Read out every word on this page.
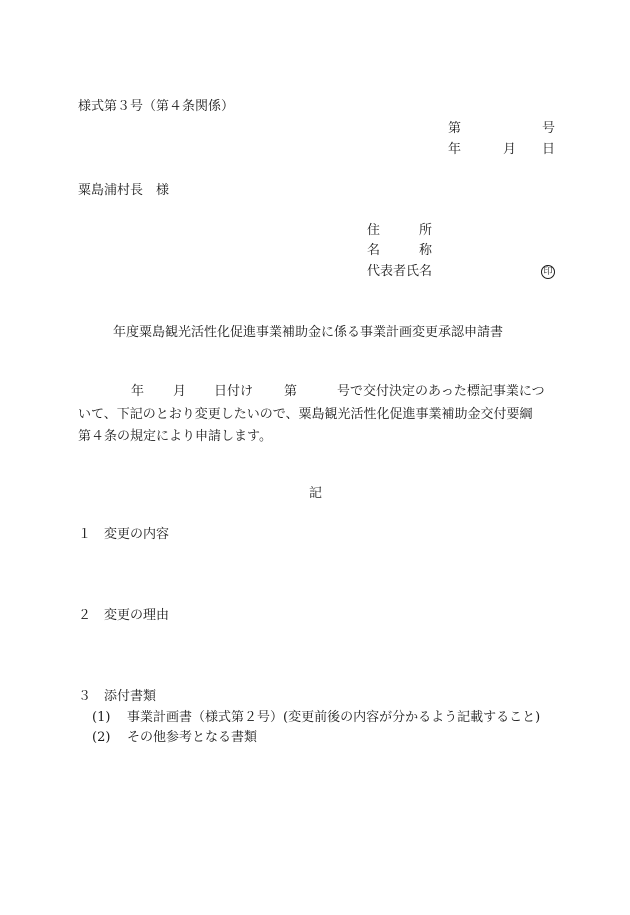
様式第３号（第４条関係）
第	号
年	月 日
粟島浦村長　様
住　　　所
名　　　称
代表者氏名	印
年度粟島観光活性化促進事業補助金に係る事業計画変更承認申請書
年 月 日付け 第	号で交付決定のあった標記事業につ
いて、下記のとおり変更したいので、粟島観光活性化促進事業補助金交付要綱
第４条の規定により申請します。
記
１　変更の内容
２　変更の理由
３　添付書類
(1) 事業計画書（様式第２号）(変更前後の内容が分かるよう記載すること)
(2) その他参考となる書類
